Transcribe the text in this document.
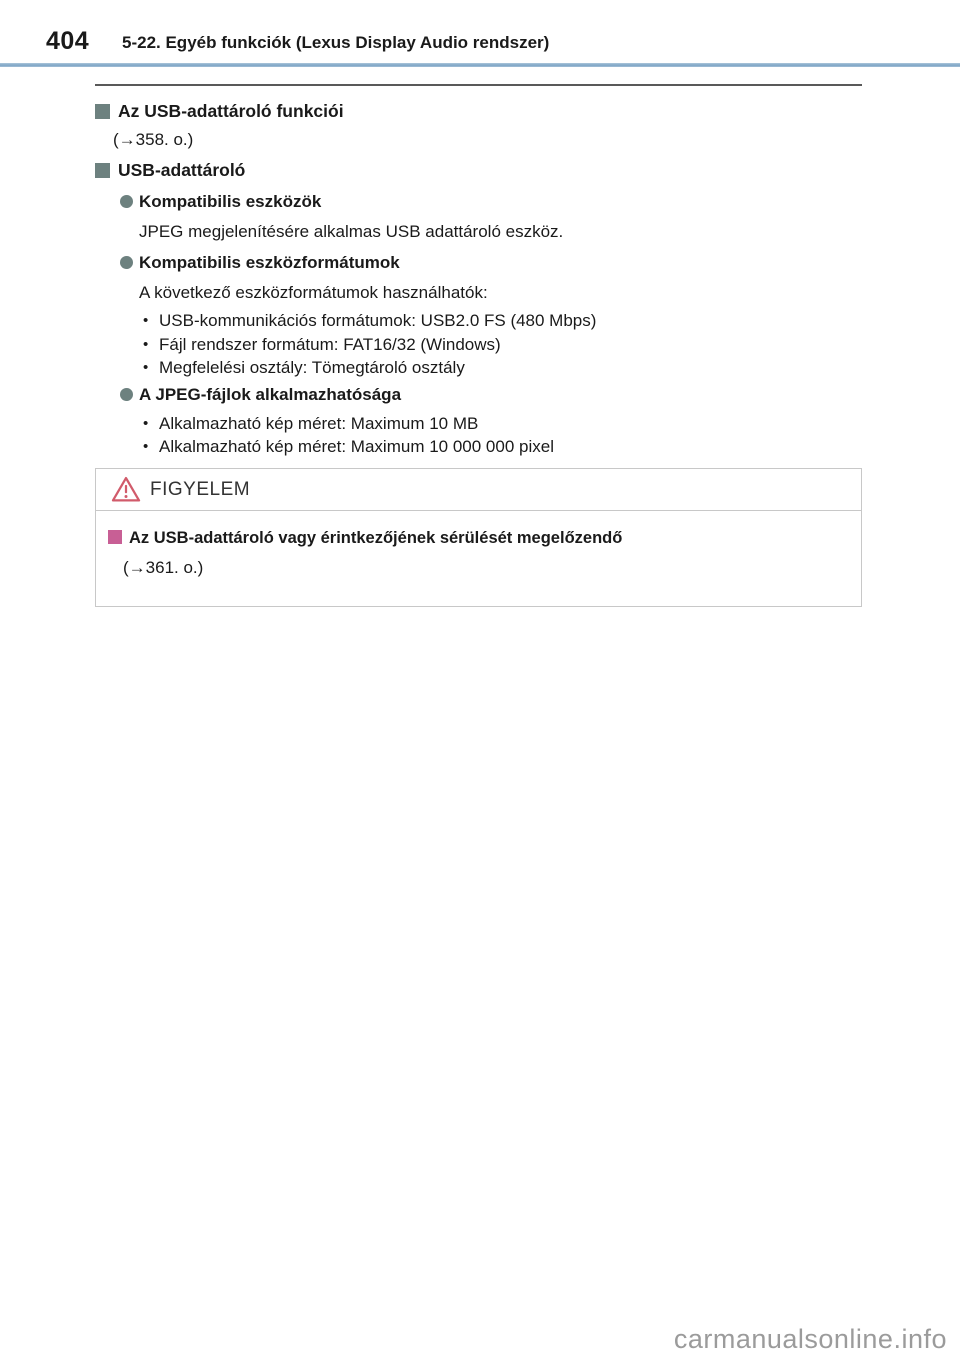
404 5-22. Egyéb funkciók (Lexus Display Audio rendszer)
Az USB-adattároló funkciói
(→358. o.)
USB-adattároló
Kompatibilis eszközök
JPEG megjelenítésére alkalmas USB adattároló eszköz.
Kompatibilis eszközformátumok
A következő eszközformátumok használhatók:
• USB-kommunikációs formátumok: USB2.0 FS (480 Mbps)
• Fájl rendszer formátum: FAT16/32 (Windows)
• Megfelelési osztály: Tömegtároló osztály
A JPEG-fájlok alkalmazhatósága
• Alkalmazható kép méret: Maximum 10 MB
• Alkalmazható kép méret: Maximum 10 000 000 pixel
FIGYELEM
Az USB-adattároló vagy érintkezőjének sérülését megelőzendő
(→361. o.)
carmanualsonline.info
